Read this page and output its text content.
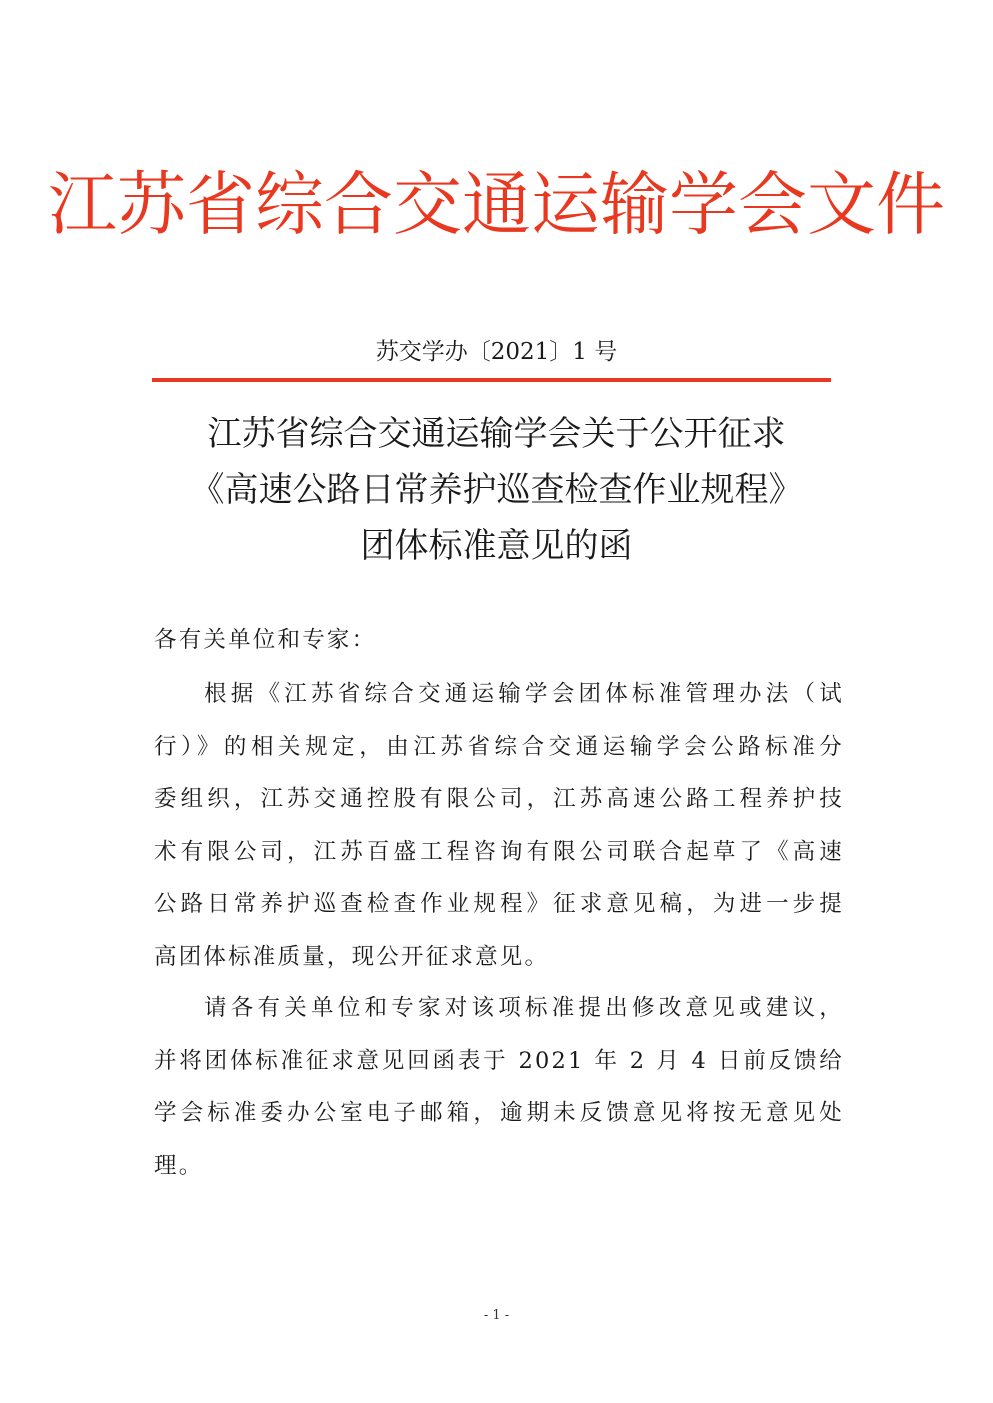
江苏省综合交通运输学会文件
苏交学办〔2021〕1 号
江苏省综合交通运输学会关于公开征求
《高速公路日常养护巡查检查作业规程》
团体标准意见的函
各有关单位和专家：
根据《江苏省综合交通运输学会团体标准管理办法（试
行）》的相关规定，由江苏省综合交通运输学会公路标准分
委组织，江苏交通控股有限公司，江苏高速公路工程养护技
术有限公司，江苏百盛工程咨询有限公司联合起草了《高速
公路日常养护巡查检查作业规程》征求意见稿，为进一步提
高团体标准质量，现公开征求意见。
请各有关单位和专家对该项标准提出修改意见或建议，
并将团体标准征求意见回函表于 2021 年 2 月 4 日前反馈给
学会标准委办公室电子邮箱，逾期未反馈意见将按无意见处
理。
- 1 -
